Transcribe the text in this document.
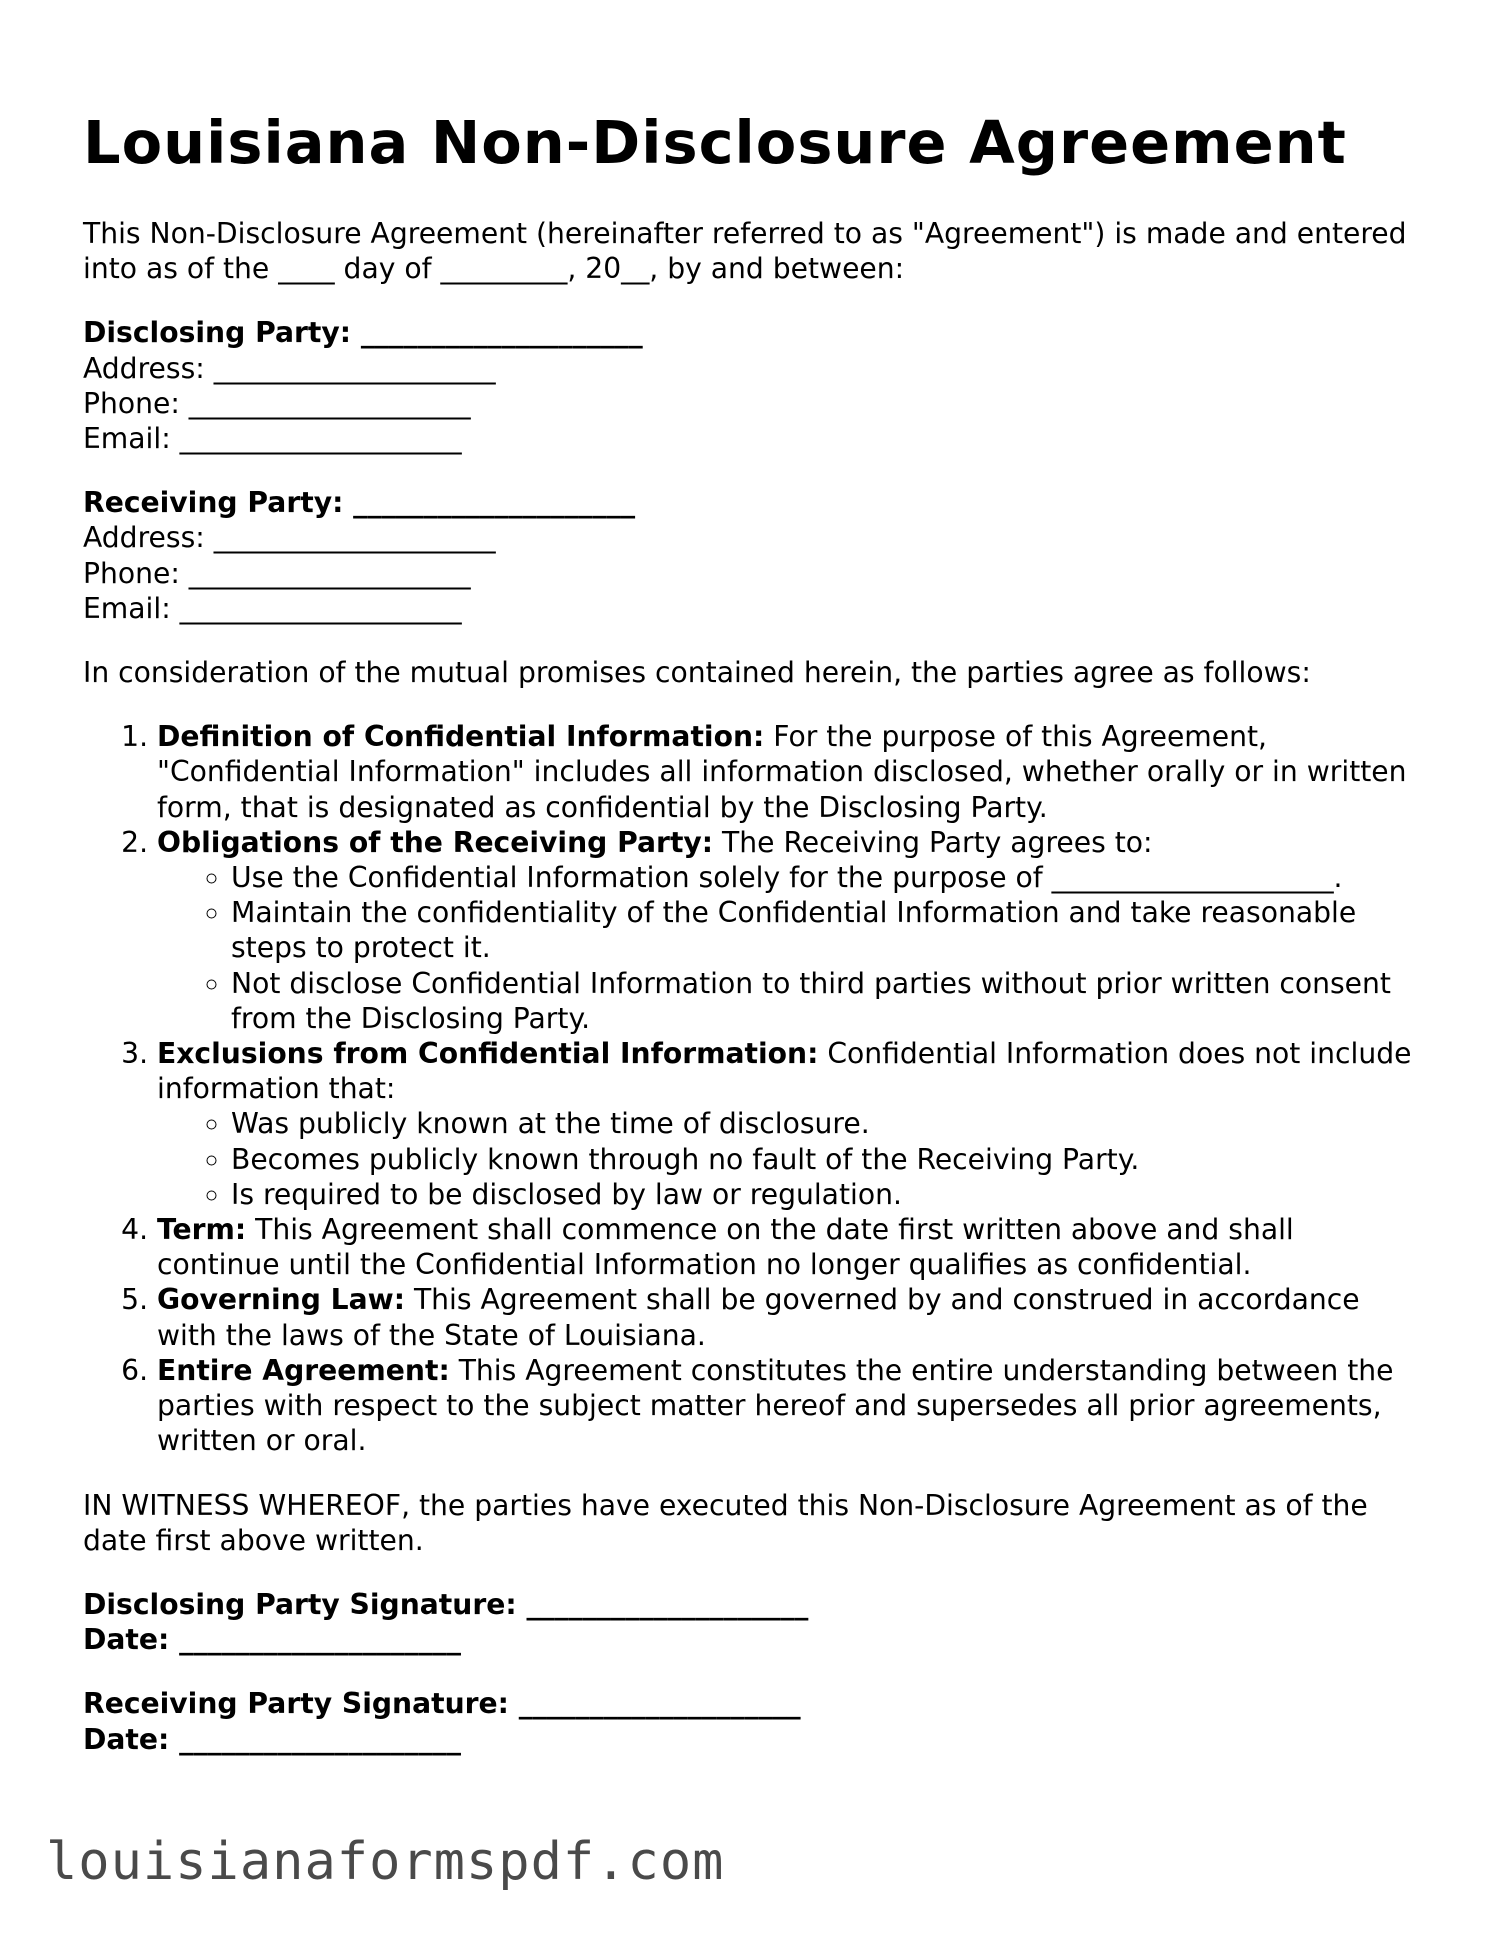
Louisiana Non-Disclosure Agreement

This Non-Disclosure Agreement (hereinafter referred to as "Agreement") is made and entered into as of the ____ day of _________, 20__, by and between:

Disclosing Party: ____________________
Address: ____________________
Phone: ____________________
Email: ____________________

Receiving Party: ____________________
Address: ____________________
Phone: ____________________
Email: ____________________

In consideration of the mutual promises contained herein, the parties agree as follows:

1. Definition of Confidential Information: For the purpose of this Agreement, "Confidential Information" includes all information disclosed, whether orally or in written form, that is designated as confidential by the Disclosing Party.
2. Obligations of the Receiving Party: The Receiving Party agrees to:
◦ Use the Confidential Information solely for the purpose of ____________________.
◦ Maintain the confidentiality of the Confidential Information and take reasonable steps to protect it.
◦ Not disclose Confidential Information to third parties without prior written consent from the Disclosing Party.
3. Exclusions from Confidential Information: Confidential Information does not include information that:
◦ Was publicly known at the time of disclosure.
◦ Becomes publicly known through no fault of the Receiving Party.
◦ Is required to be disclosed by law or regulation.
4. Term: This Agreement shall commence on the date first written above and shall continue until the Confidential Information no longer qualifies as confidential.
5. Governing Law: This Agreement shall be governed by and construed in accordance with the laws of the State of Louisiana.
6. Entire Agreement: This Agreement constitutes the entire understanding between the parties with respect to the subject matter hereof and supersedes all prior agreements, written or oral.

IN WITNESS WHEREOF, the parties have executed this Non-Disclosure Agreement as of the date first above written.

Disclosing Party Signature: ____________________
Date: ____________________

Receiving Party Signature: ____________________
Date: ____________________

louisianaformspdf.com
